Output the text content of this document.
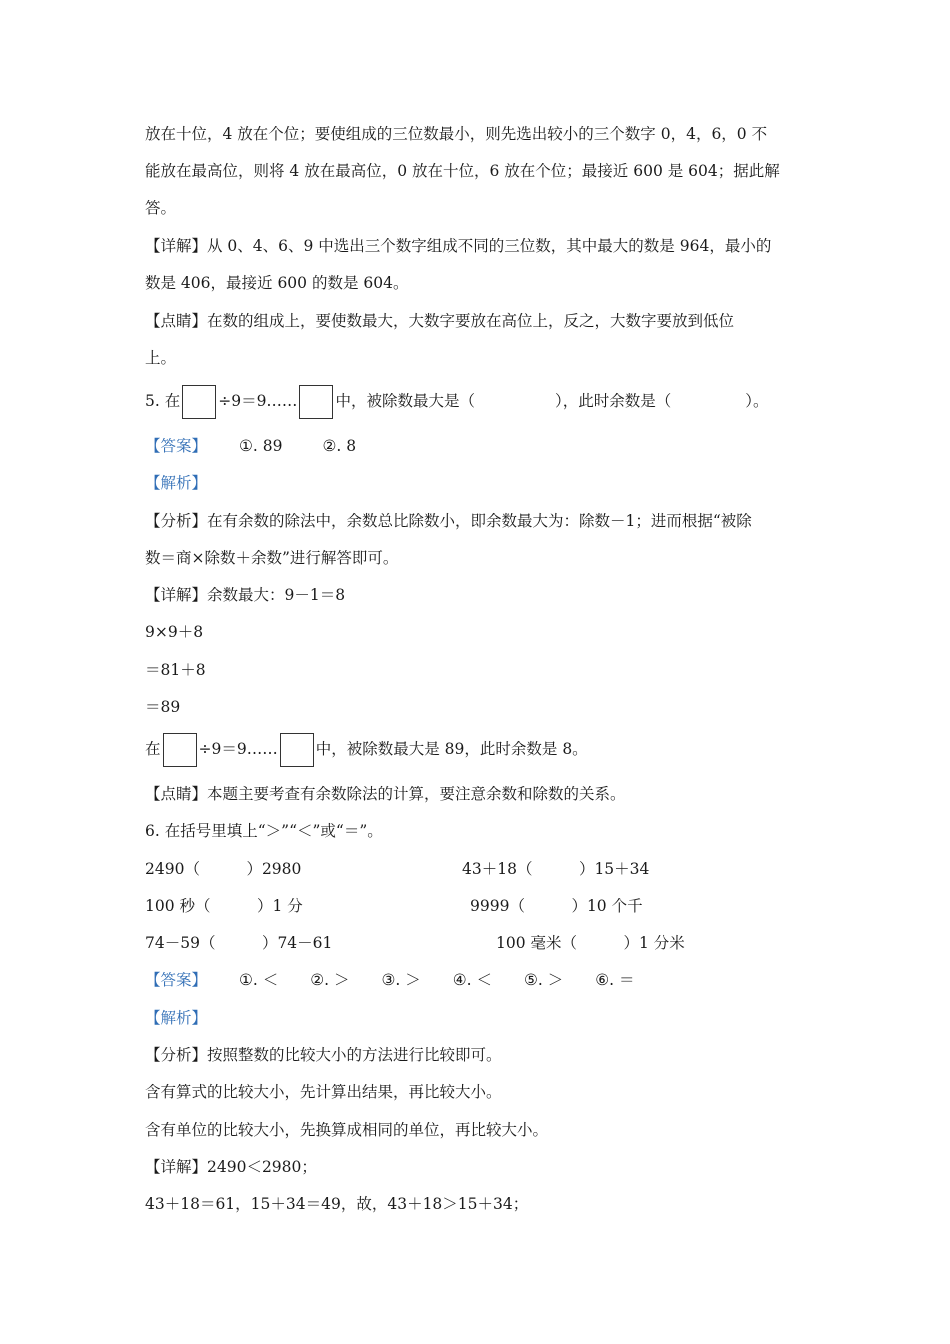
放在十位，4 放在个位；要使组成的三位数最小，则先选出较小的三个数字 0，4，6，0 不
能放在最高位，则将 4 放在最高位，0 放在十位，6 放在个位；最接近 600 是 604；据此解
答。
【详解】从 0、4、6、9 中选出三个数字组成不同的三位数，其中最大的数是 964，最小的
数是 406，最接近 600 的数是 604。
【点睛】在数的组成上，要使数最大，大数字要放在高位上，反之，大数字要放到低位
上。
5. 在 ÷9＝9…… 中，被除数最大是（	），此时余数是（	）。
【答案】 ①. 89	②. 8
【解析】
【分析】在有余数的除法中，余数总比除数小，即余数最大为：除数－1；进而根据“被除
数＝商×除数＋余数”进行解答即可。
【详解】余数最大：9－1＝8
9×9＋8
＝81＋8
＝89
在 ÷9＝9…… 中，被除数最大是 89，此时余数是 8。
【点睛】本题主要考查有余数除法的计算，要注意余数和除数的关系。
6. 在括号里填上“＞”“＜”或“＝”。
2490（　　　）2980	43＋18（　　　）15＋34
100 秒（　　　）1 分	9999（　　　）10 个千
74－59（　　　）74－61	100 毫米（　　　）1 分米
【答案】 ①. ＜ ②. ＞ ③. ＞ ④. ＜ ⑤. ＞ ⑥. ＝
【解析】
【分析】按照整数的比较大小的方法进行比较即可。
含有算式的比较大小，先计算出结果，再比较大小。
含有单位的比较大小，先换算成相同的单位，再比较大小。
【详解】2490＜2980；
43＋18＝61，15＋34＝49，故，43＋18＞15＋34；
